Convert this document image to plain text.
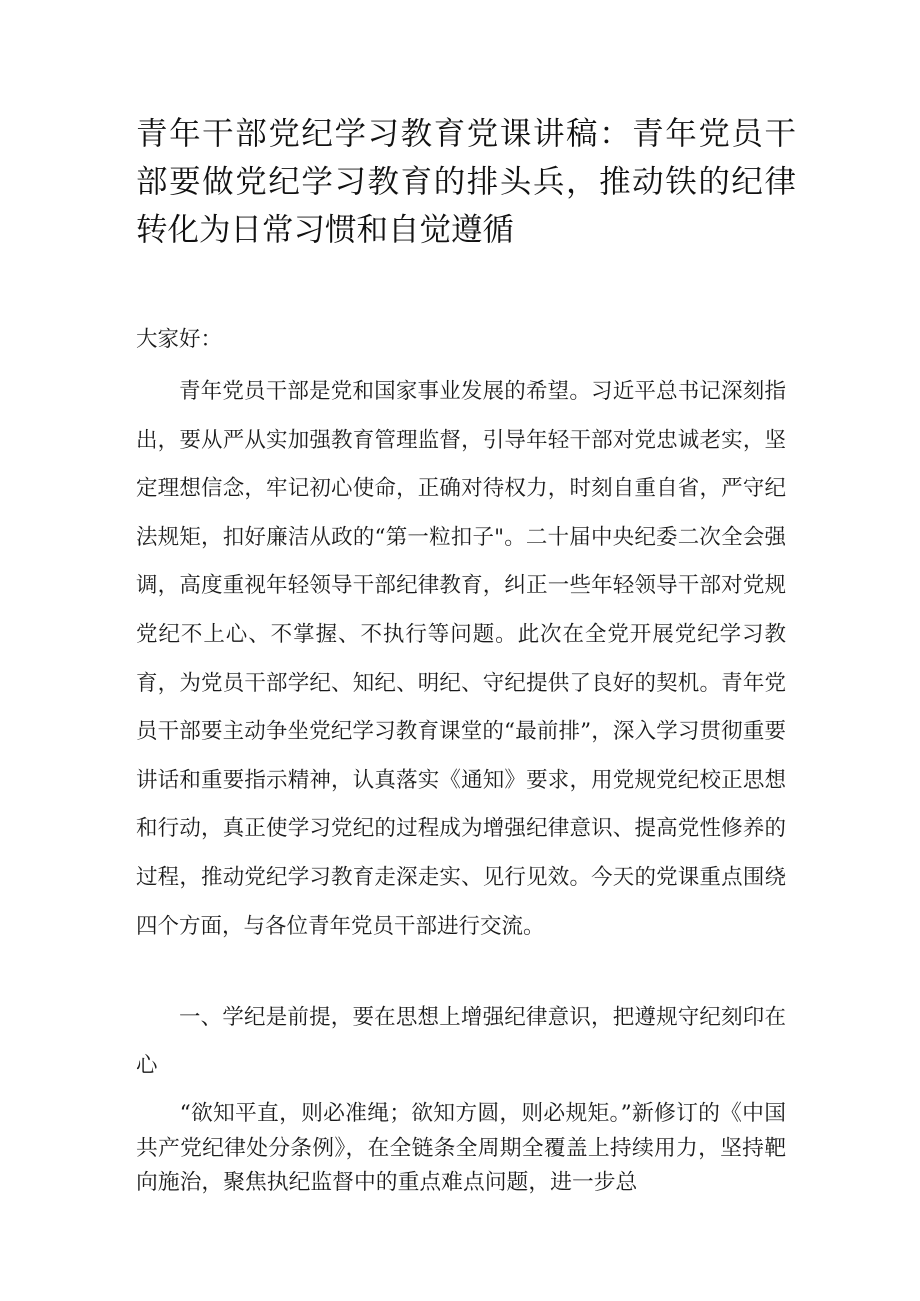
青年干部党纪学习教育党课讲稿：青年党员干部要做党纪学习教育的排头兵，推动铁的纪律转化为日常习惯和自觉遵循

大家好：

青年党员干部是党和国家事业发展的希望。习近平总书记深刻指出，要从严从实加强教育管理监督，引导年轻干部对党忠诚老实，坚定理想信念，牢记初心使命，正确对待权力，时刻自重自省，严守纪法规矩，扣好廉洁从政的“第一粒扣子"。二十届中央纪委二次全会强调，高度重视年轻领导干部纪律教育，纠正一些年轻领导干部对党规党纪不上心、不掌握、不执行等问题。此次在全党开展党纪学习教育，为党员干部学纪、知纪、明纪、守纪提供了良好的契机。青年党员干部要主动争坐党纪学习教育课堂的“最前排”，深入学习贯彻重要讲话和重要指示精神，认真落实《通知》要求，用党规党纪校正思想和行动，真正使学习党纪的过程成为增强纪律意识、提高党性修养的过程，推动党纪学习教育走深走实、见行见效。今天的党课重点围绕四个方面，与各位青年党员干部进行交流。

一、学纪是前提，要在思想上增强纪律意识，把遵规守纪刻印在心

“欲知平直，则必准绳；欲知方圆，则必规矩。”新修订的《中国共产党纪律处分条例》，在全链条全周期全覆盖上持续用力，坚持靶向施治，聚焦执纪监督中的重点难点问题，进一步总
